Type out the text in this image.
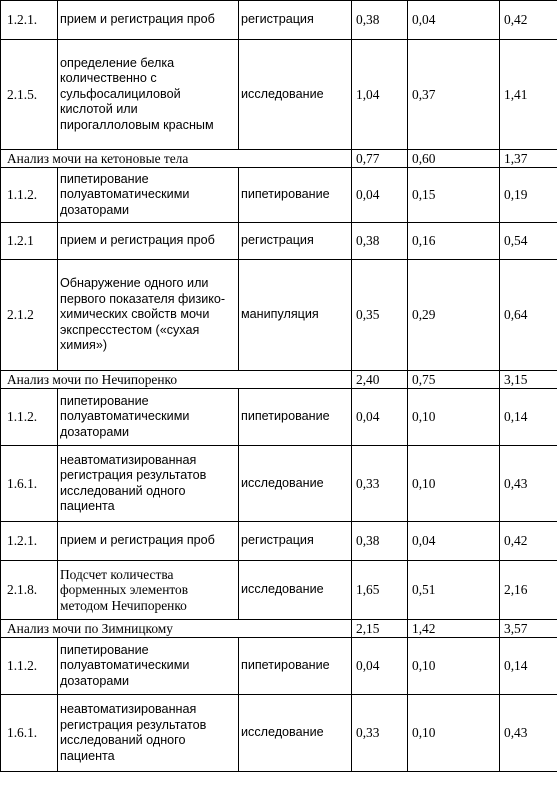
1.2.1.	прием и регистрация проб	регистрация	0,38	0,04	0,42
2.1.5.	определение белка количественно с сульфосалициловой кислотой или пирогаллоловым красным	исследование	1,04	0,37	1,41
Анализ мочи на кетоновые тела			0,77	0,60	1,37
1.1.2.	пипетирование полуавтоматическими дозаторами	пипетирование	0,04	0,15	0,19
1.2.1	прием и регистрация проб	регистрация	0,38	0,16	0,54
2.1.2	Обнаружение одного или первого показателя физико-химических свойств мочи экспресстестом («сухая химия»)	манипуляция	0,35	0,29	0,64
Анализ мочи по Нечипоренко			2,40	0,75	3,15
1.1.2.	пипетирование полуавтоматическими дозаторами	пипетирование	0,04	0,10	0,14
1.6.1.	неавтоматизированная регистрация результатов исследований одного пациента	исследование	0,33	0,10	0,43
1.2.1.	прием и регистрация проб	регистрация	0,38	0,04	0,42
2.1.8.	Подсчет количества форменных элементов методом Нечипоренко	исследование	1,65	0,51	2,16
Анализ мочи по Зимницкому			2,15	1,42	3,57
1.1.2.	пипетирование полуавтоматическими дозаторами	пипетирование	0,04	0,10	0,14
1.6.1.	неавтоматизированная регистрация результатов исследований одного пациента	исследование	0,33	0,10	0,43
